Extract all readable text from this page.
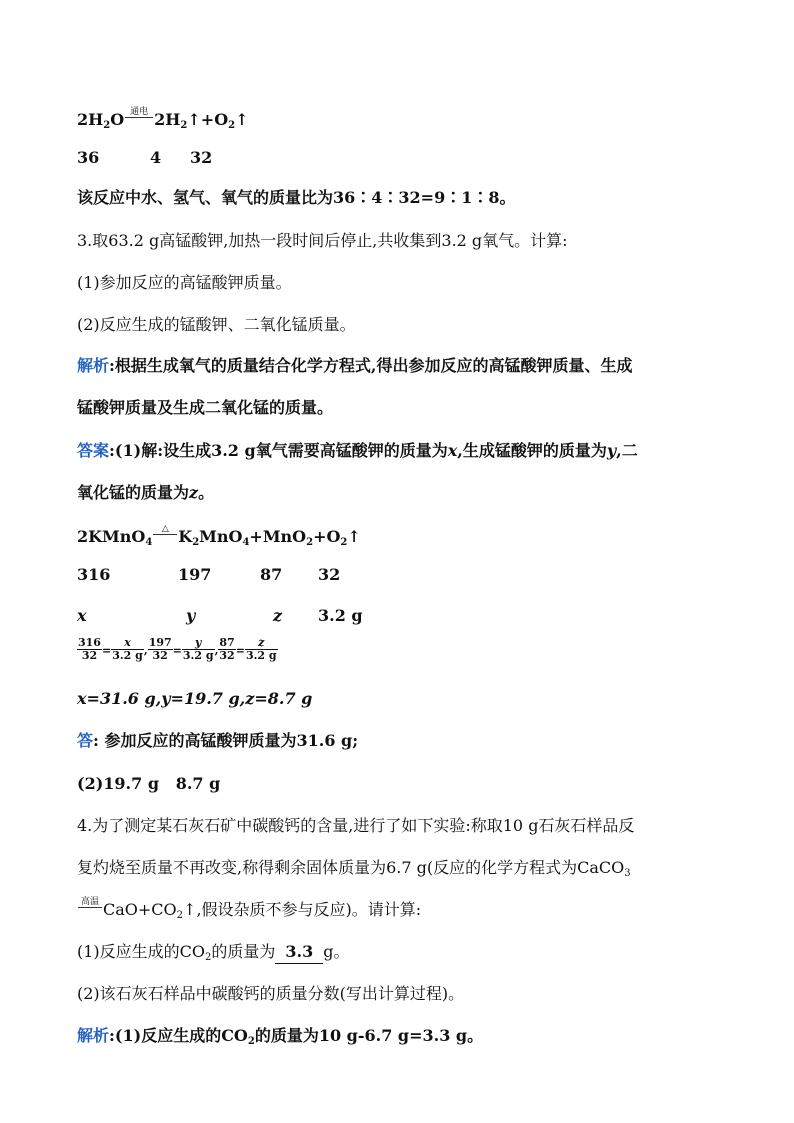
$2H_2O$ 通电 $2H_2↑+O_2↑$
36	4 32
该反应中水、氢气、氧气的质量比为36∶4∶32=9∶1∶8。
3.取63.2 g高锰酸钾,加热一段时间后停止,共收集到3.2 g氧气。计算:
(1)参加反应的高锰酸钾质量。
(2)反应生成的锰酸钾、二氧化锰质量。
解析:根据生成氧气的质量结合化学方程式,得出参加反应的高锰酸钾质量、生成
锰酸钾质量及生成二氧化锰的质量。
答案:(1)解:设生成3.2 g氧气需要高锰酸钾的质量为x,生成锰酸钾的质量为y,二
氧化锰的质量为z。
2KMnO$_4$
△ $K_2MnO_4+MnO_2+O_2↑$
316	197	87 32
x	y	z 3.2 g
$\frac{316}{32} = \frac{x}{3.2 g}$ , $\frac{197}{32} = \frac{y}{3.2 g}$ , $\frac{87}{32} = \frac{z}{3.2 g}$
x=31.6 g,y=19.7 g,z=8.7 g
答: 参加反应的高锰酸钾质量为31.6 g;
(2)19.7 g   8.7 g
4.为了测定某石灰石矿中碳酸钙的含量,进行了如下实验:称取10 g石灰石样品反
复灼烧至质量不再改变,称得剩余固体质量为6.7 g(反应的化学方程式为CaCO$_3$
高温 $CaO+CO_2↑$,假设杂质不参与反应)。请计算:
(1)反应生成的$CO_2$的质量为 3.3 g。
(2)该石灰石样品中碳酸钙的质量分数(写出计算过程)。
解析:(1)反应生成的$CO_2$的质量为10 g-6.7 g=3.3 g。
